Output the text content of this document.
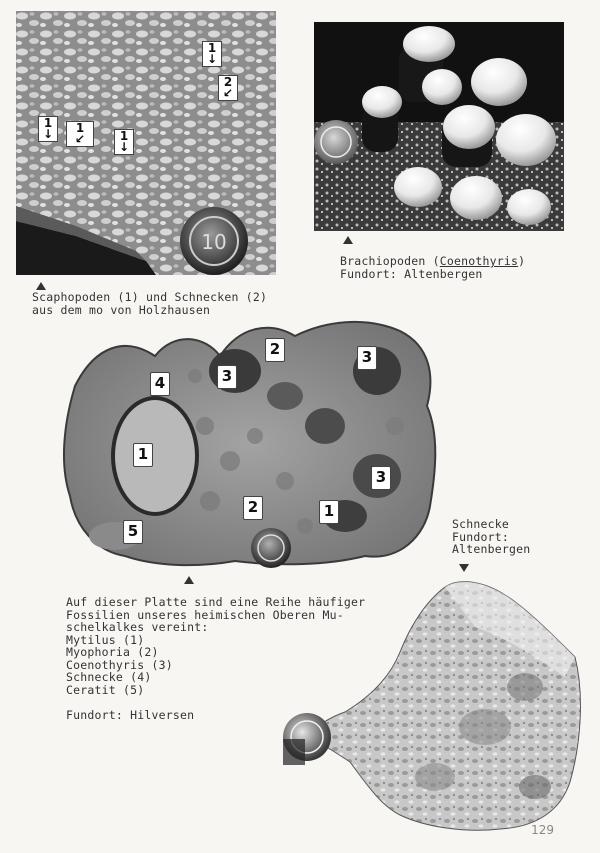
10
1
↓	1
↙	1
↓
1
↓
2
↙
Scaphopoden (1) und Schnecken (2)
aus dem mo von Holzhausen
Brachiopoden (Coenothyris)
Fundort: Altenbergen
2	3
4	3
1
3
2	1
5
Auf dieser Platte sind eine Reihe häufiger
Fossilien unseres heimischen Oberen Mu-
schelkalkes vereint:
Mytilus (1)
Myophoria (2)
Coenothyris (3)
Schnecke (4)
Ceratit (5)

Fundort: Hilversen
Schnecke
Fundort:
Altenbergen
129
